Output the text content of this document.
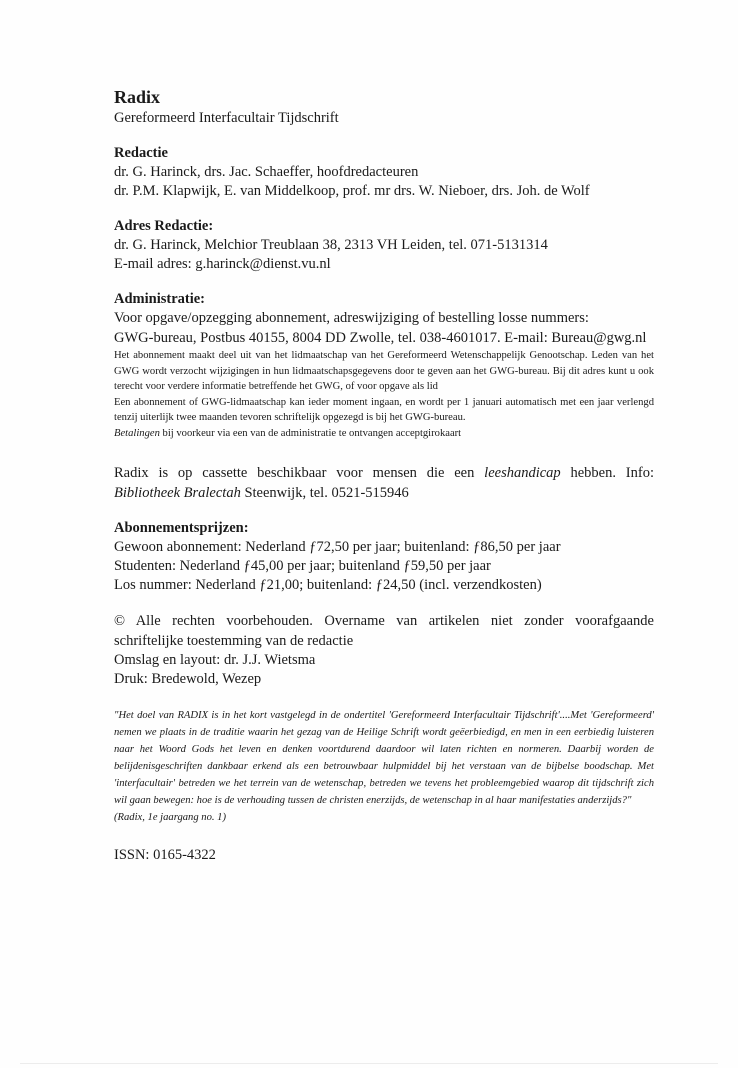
Radix
Gereformeerd Interfacultair Tijdschrift
Redactie
dr. G. Harinck, drs. Jac. Schaeffer, hoofdredacteuren
dr. P.M. Klapwijk, E. van Middelkoop, prof. mr drs. W. Nieboer, drs. Joh. de Wolf
Adres Redactie:
dr. G. Harinck, Melchior Treublaan 38, 2313 VH Leiden, tel. 071-5131314
E-mail adres: g.harinck@dienst.vu.nl
Administratie:
Voor opgave/opzegging abonnement, adreswijziging of bestelling losse nummers:
GWG-bureau, Postbus 40155, 8004 DD Zwolle, tel. 038-4601017. E-mail: Bureau@gwg.nl
Het abonnement maakt deel uit van het lidmaatschap van het Gereformeerd Wetenschappelijk Genootschap. Leden van het GWG wordt verzocht wijzigingen in hun lidmaatschapsgegevens door te geven aan het GWG-bureau. Bij dit adres kunt u ook terecht voor verdere informatie betreffende het GWG, of voor opgave als lid
Een abonnement of GWG-lidmaatschap kan ieder moment ingaan, en wordt per 1 januari automatisch met een jaar verlengd tenzij uiterlijk twee maanden tevoren schriftelijk opgezegd is bij het GWG-bureau.
Betalingen bij voorkeur via een van de administratie te ontvangen acceptgirokaart
Radix is op cassette beschikbaar voor mensen die een leeshandicap hebben. Info: Bibliotheek Bralectah Steenwijk, tel. 0521-515946
Abonnementsprijzen:
Gewoon abonnement: Nederland ƒ72,50 per jaar; buitenland: ƒ86,50 per jaar
Studenten: Nederland ƒ45,00 per jaar; buitenland ƒ59,50 per jaar
Los nummer: Nederland ƒ21,00; buitenland: ƒ24,50 (incl. verzendkosten)
© Alle rechten voorbehouden. Overname van artikelen niet zonder voorafgaande schriftelijke toestemming van de redactie
Omslag en layout: dr. J.J. Wietsma
Druk: Bredewold, Wezep
"Het doel van RADIX is in het kort vastgelegd in de ondertitel 'Gereformeerd Interfacultair Tijdschrift'....Met 'Gereformeerd' nemen we plaats in de traditie waarin het gezag van de Heilige Schrift wordt geëerbiedigd, en men in een eerbiedig luisteren naar het Woord Gods het leven en denken voortdurend daardoor wil laten richten en normeren. Daarbij worden de belijdenisgeschriften dankbaar erkend als een betrouwbaar hulpmiddel bij het verstaan van de bijbelse boodschap. Met 'interfacultair' betreden we het terrein van de wetenschap, betreden we tevens het probleemgebied waarop dit tijdschrift zich wil gaan bewegen: hoe is de verhouding tussen de christen enerzijds, de wetenschap in al haar manifestaties anderzijds?"
(Radix, 1e jaargang no. 1)
ISSN: 0165-4322
